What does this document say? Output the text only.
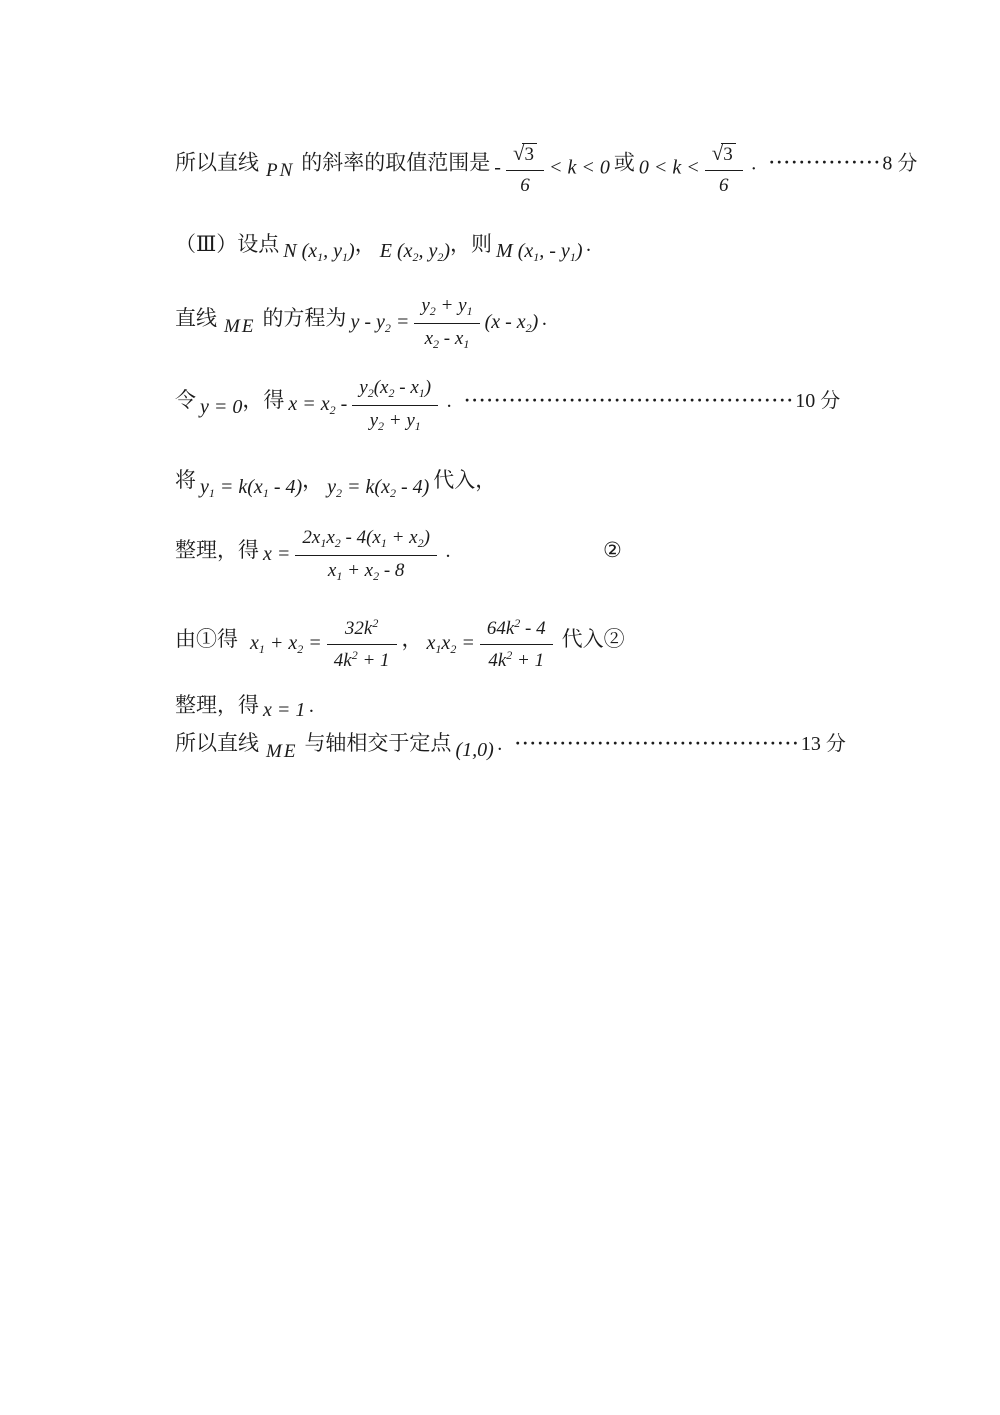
所以直线 PN 的斜率的取值范围是 - $\frac{√3}{6} < k < 0$ 或 $0 < k < \frac{√3}{6}$ . ···············8 分
（Ⅲ）设点 N ($x_1$, $y_1$)， E ($x_2$, $y_2$)，则 M ($x_1$, - $y_1$) .
直线 ME 的方程为 $y - y_2 = \frac{y_2 + y_1}{x_2 - x_1} (x - x_2)$ .
令 y = 0，得 $x = x_2 - \frac{y_2(x_2 - x_1)}{y_2 + y_1}$ . ············································10 分
将 $y_1 = k(x_1 - 4)$， $y_2 = k(x_2 - 4)$ 代入，
整理，得 $x = \frac{2x_1x_2 - 4(x_1 + x_2)}{x_1 + x_2 - 8}$ .	②
由①得 $x_1 + x_2 = \frac{32k^2}{4k^2 + 1}$ ， $x_1x_2 = \frac{64k^2 - 4}{4k^2 + 1}$ 代入②
整理，得 x = 1 .
所以直线 ME 与轴相交于定点 (1,0) . ······································13 分
